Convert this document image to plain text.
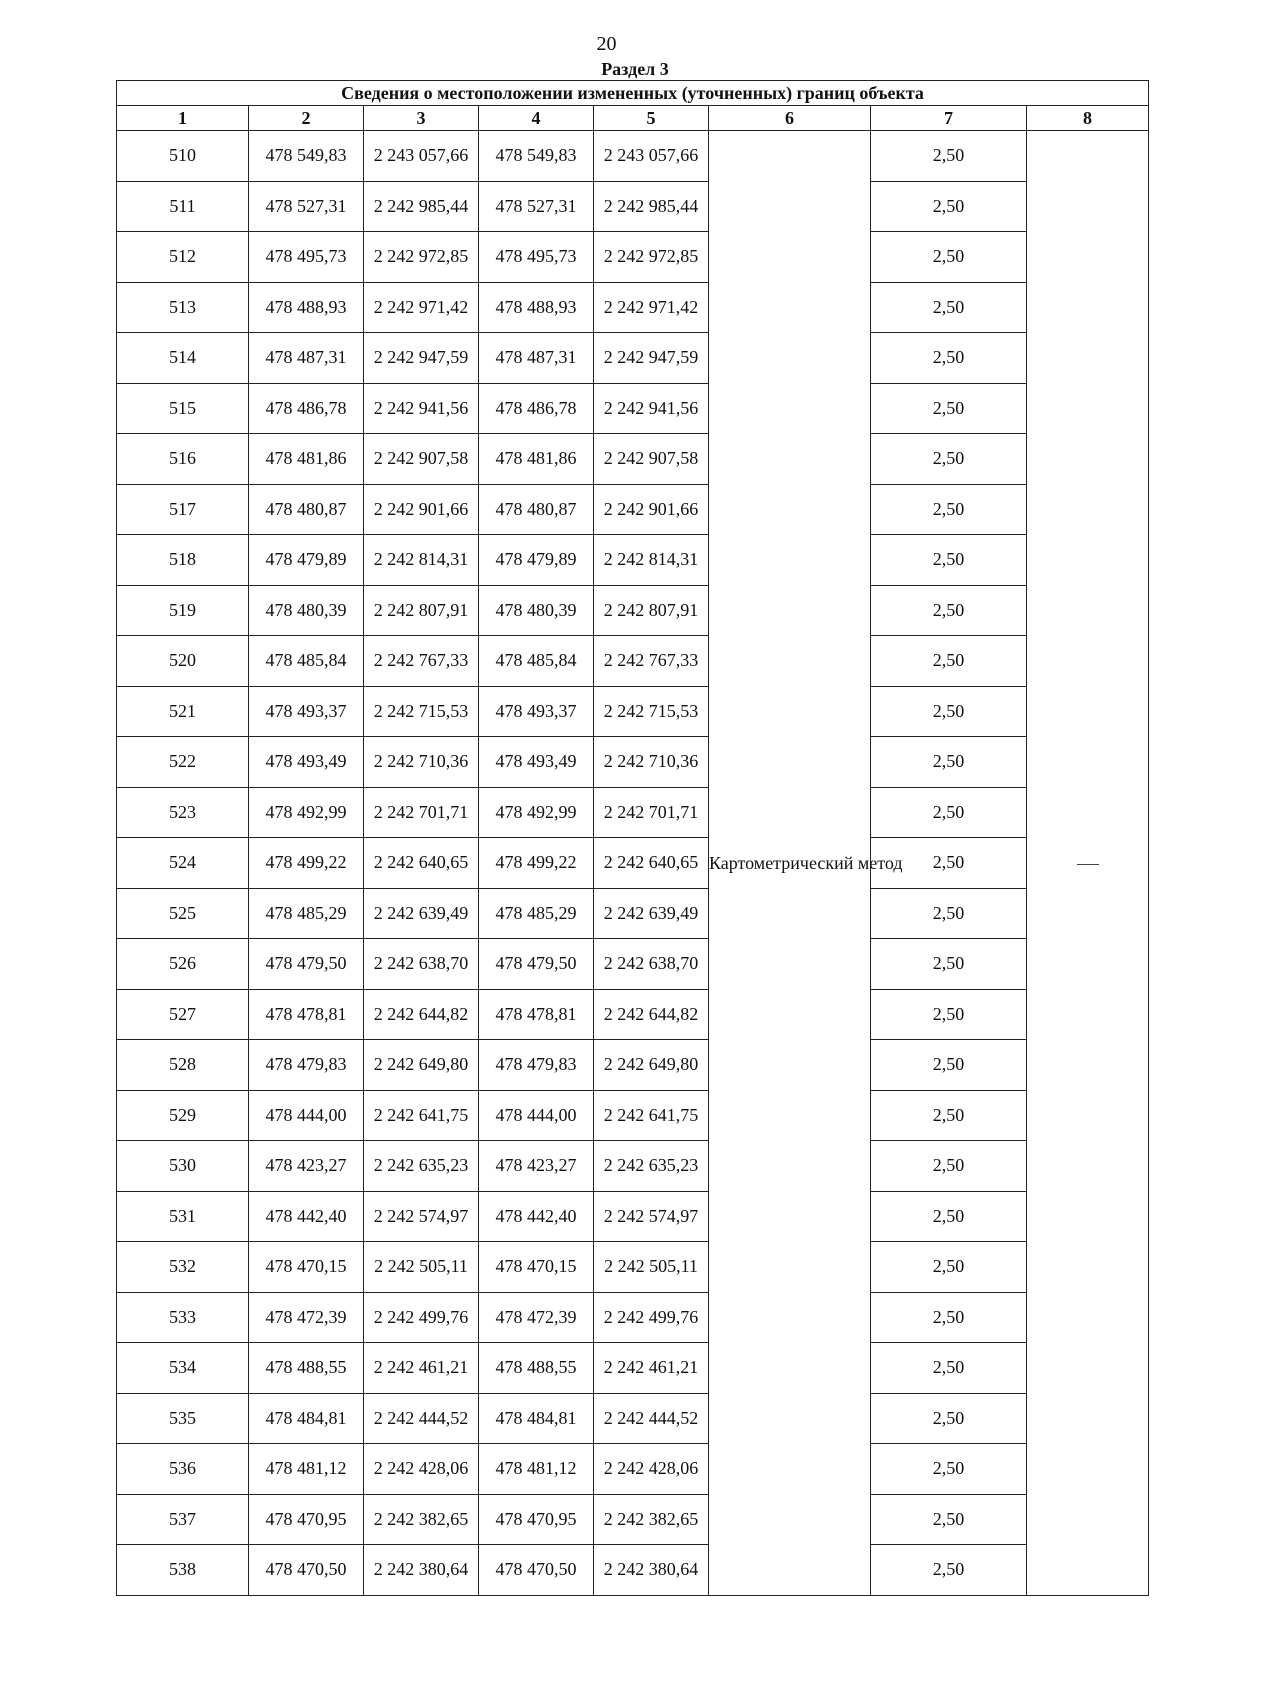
20
Раздел 3
Сведения о местоположении измененных (уточненных) границ объекта							
1	2	3	4	5	6	7	8
510	478 549,83	2 243 057,66	478 549,83	2 243 057,66	Картометрический метод	2,50	
511	478 527,31	2 242 985,44	478 527,31	2 242 985,44		2,50	
512	478 495,73	2 242 972,85	478 495,73	2 242 972,85		2,50	
513	478 488,93	2 242 971,42	478 488,93	2 242 971,42		2,50	
514	478 487,31	2 242 947,59	478 487,31	2 242 947,59		2,50	
515	478 486,78	2 242 941,56	478 486,78	2 242 941,56		2,50	
516	478 481,86	2 242 907,58	478 481,86	2 242 907,58		2,50	
517	478 480,87	2 242 901,66	478 480,87	2 242 901,66		2,50	
518	478 479,89	2 242 814,31	478 479,89	2 242 814,31		2,50	
519	478 480,39	2 242 807,91	478 480,39	2 242 807,91		2,50	
520	478 485,84	2 242 767,33	478 485,84	2 242 767,33		2,50	
521	478 493,37	2 242 715,53	478 493,37	2 242 715,53		2,50	
522	478 493,49	2 242 710,36	478 493,49	2 242 710,36		2,50	
523	478 492,99	2 242 701,71	478 492,99	2 242 701,71		2,50	
524	478 499,22	2 242 640,65	478 499,22	2 242 640,65		2,50	
525	478 485,29	2 242 639,49	478 485,29	2 242 639,49		2,50	
526	478 479,50	2 242 638,70	478 479,50	2 242 638,70		2,50	
527	478 478,81	2 242 644,82	478 478,81	2 242 644,82		2,50	
528	478 479,83	2 242 649,80	478 479,83	2 242 649,80		2,50	
529	478 444,00	2 242 641,75	478 444,00	2 242 641,75		2,50	
530	478 423,27	2 242 635,23	478 423,27	2 242 635,23		2,50	
531	478 442,40	2 242 574,97	478 442,40	2 242 574,97		2,50	
532	478 470,15	2 242 505,11	478 470,15	2 242 505,11		2,50	
533	478 472,39	2 242 499,76	478 472,39	2 242 499,76		2,50	
534	478 488,55	2 242 461,21	478 488,55	2 242 461,21		2,50	
535	478 484,81	2 242 444,52	478 484,81	2 242 444,52		2,50	
536	478 481,12	2 242 428,06	478 481,12	2 242 428,06		2,50	
537	478 470,95	2 242 382,65	478 470,95	2 242 382,65		2,50	
538	478 470,50	2 242 380,64	478 470,50	2 242 380,64		2,50	
